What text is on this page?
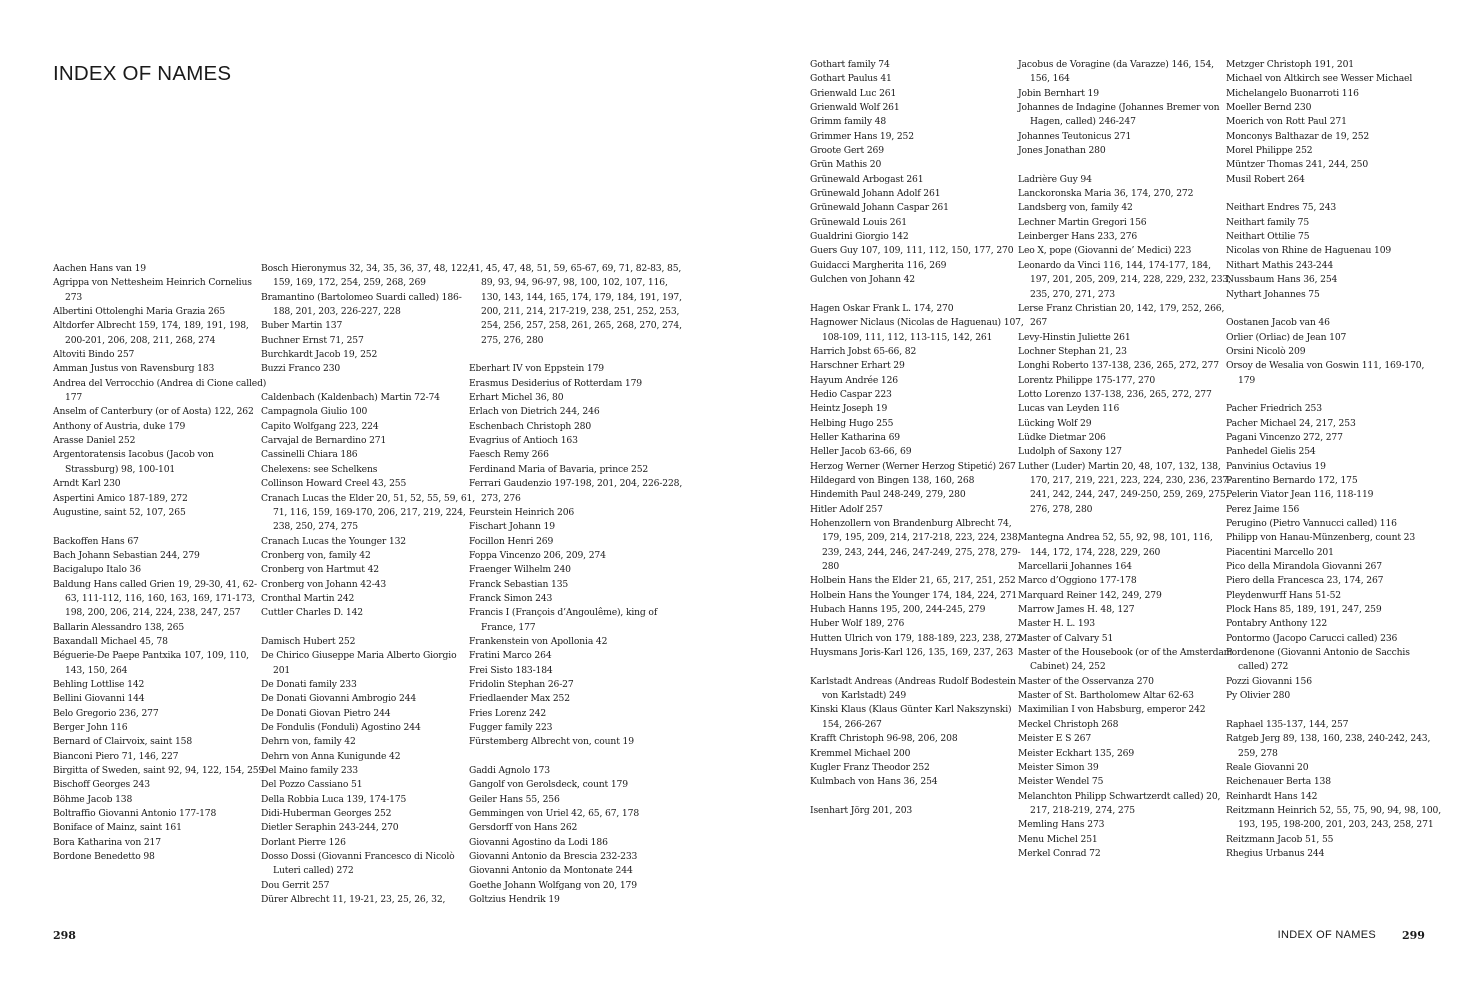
INDEX OF NAMES
Aachen Hans van 19
Agrippa von Nettesheim Heinrich Cornelius 273
Albertini Ottolenghi Maria Grazia 265
Altdorfer Albrecht 159, 174, 189, 191, 198, 200-201, 206, 208, 211, 268, 274
Altoviti Bindo 257
Amman Justus von Ravensburg 183
Andrea del Verrocchio (Andrea di Cione called) 177
Anselm of Canterbury (or of Aosta) 122, 262
Anthony of Austria, duke 179
Arasse Daniel 252
Argentoratensis Iacobus (Jacob von Strassburg) 98, 100-101
Arndt Karl 230
Aspertini Amico 187-189, 272
Augustine, saint 52, 107, 265
Backoffen Hans 67
Bach Johann Sebastian 244, 279
Bacigalupo Italo 36
Baldung Hans called Grien 19, 29-30, 41, 62-63, 111-112, 116, 160, 163, 169, 171-173, 198, 200, 206, 214, 224, 238, 247, 257
Ballarin Alessandro 138, 265
Baxandall Michael 45, 78
Béguerie-De Paepe Pantxika 107, 109, 110, 143, 150, 264
Behling Lottlise 142
Bellini Giovanni 144
Belo Gregorio 236, 277
Berger John 116
Bernard of Clairvoix, saint 158
Bianconi Piero 71, 146, 227
Birgitta of Sweden, saint 92, 94, 122, 154, 259
Bischoff Georges 243
Böhme Jacob 138
Boltraffio Giovanni Antonio 177-178
Boniface of Mainz, saint 161
Bora Katharina von 217
Bordone Benedetto 98
Bosch Hieronymus 32, 34, 35, 36, 37, 48, 122, 159, 169, 172, 254, 259, 268, 269
Bramantino (Bartolomeo Suardi called) 186-188, 201, 203, 226-227, 228
Buber Martin 137
Buchner Ernst 71, 257
Burchkardt Jacob 19, 252
Buzzi Franco 230
Caldenbach (Kaldenbach) Martin 72-74
Campagnola Giulio 100
Capito Wolfgang 223, 224
Carvajal de Bernardino 271
Cassinelli Chiara 186
Chelexens: see Schelkens
Collinson Howard Creel 43, 255
Cranach Lucas the Elder 20, 51, 52, 55, 59, 61, 71, 116, 159, 169-170, 206, 217, 219, 224, 238, 250, 274, 275
Cranach Lucas the Younger 132
Cronberg von, family 42
Cronberg von Hartmut 42
Cronberg von Johann 42-43
Cronthal Martin 242
Cuttler Charles D. 142
Damisch Hubert 252
De Chirico Giuseppe Maria Alberto Giorgio 201
De Donati family 233
De Donati Giovanni Ambrogio 244
De Donati Giovan Pietro 244
De Fondulis (Fonduli) Agostino 244
Dehrn von, family 42
Dehrn von Anna Kunigunde 42
Del Maino family 233
Del Pozzo Cassiano 51
Della Robbia Luca 139, 174-175
Didi-Huberman Georges 252
Dietler Seraphin 243-244, 270
Dorlant Pierre 126
Dosso Dossi (Giovanni Francesco di Nicolò Luteri called) 272
Dou Gerrit 257
Dürer Albrecht 11, 19-21, 23, 25, 26, 32,
41, 45, 47, 48, 51, 59, 65-67, 69, 71, 82-83, 85, 89, 93, 94, 96-97, 98, 100, 102, 107, 116, 130, 143, 144, 165, 174, 179, 184, 191, 197, 200, 211, 214, 217-219, 238, 251, 252, 253, 254, 256, 257, 258, 261, 265, 268, 270, 274, 275, 276, 280
Eberhart IV von Eppstein 179
Erasmus Desiderius of Rotterdam 179
Erhart Michel 36, 80
Erlach von Dietrich 244, 246
Eschenbach Christoph 280
Evagrius of Antioch 163
Faesch Remy 266
Ferdinand Maria of Bavaria, prince 252
Ferrari Gaudenzio 197-198, 201, 204, 226-228, 273, 276
Feurstein Heinrich 206
Fischart Johann 19
Focillon Henri 269
Foppa Vincenzo 206, 209, 274
Fraenger Wilhelm 240
Franck Sebastian 135
Franck Simon 243
Francis I (François d’Angoulême), king of France, 177
Frankenstein von Apollonia 42
Fratini Marco 264
Frei Sisto 183-184
Fridolin Stephan 26-27
Friedlaender Max 252
Fries Lorenz 242
Fugger family 223
Fürstemberg Albrecht von, count 19
Gaddi Agnolo 173
Gangolf von Gerolsdeck, count 179
Geiler Hans 55, 256
Gemmingen von Uriel 42, 65, 67, 178
Gersdorff von Hans 262
Giovanni Agostino da Lodi 186
Giovanni Antonio da Brescia 232-233
Giovanni Antonio da Montonate 244
Goethe Johann Wolfgang von 20, 179
Goltzius Hendrik 19
Gothart family 74
Gothart Paulus 41
Grienwald Luc 261
Grienwald Wolf 261
Grimm family 48
Grimmer Hans 19, 252
Groote Gert 269
Grün Mathis 20
Grünewald Arbogast 261
Grünewald Johann Adolf 261
Grünewald Johann Caspar 261
Grünewald Louis 261
Gualdrini Giorgio 142
Guers Guy 107, 109, 111, 112, 150, 177, 270
Guidacci Margherita 116, 269
Gulchen von Johann 42
Hagen Oskar Frank L. 174, 270
Hagnower Niclaus (Nicolas de Haguenau) 107, 108-109, 111, 112, 113-115, 142, 261
Harrich Jobst 65-66, 82
Harschner Erhart 29
Hayum Andrée 126
Hedio Caspar 223
Heintz Joseph 19
Helbing Hugo 255
Heller Katharina 69
Heller Jacob 63-66, 69
Herzog Werner (Werner Herzog Stipetić) 267
Hildegard von Bingen 138, 160, 268
Hindemith Paul 248-249, 279, 280
Hitler Adolf 257
Hohenzollern von Brandenburg Albrecht 74, 179, 195, 209, 214, 217-218, 223, 224, 238, 239, 243, 244, 246, 247-249, 275, 278, 279-280
Holbein Hans the Elder 21, 65, 217, 251, 252
Holbein Hans the Younger 174, 184, 224, 271
Hubach Hanns 195, 200, 244-245, 279
Huber Wolf 189, 276
Hutten Ulrich von 179, 188-189, 223, 238, 272
Huysmans Joris-Karl 126, 135, 169, 237, 263
Karlstadt Andreas (Andreas Rudolf Bodestein von Karlstadt) 249
Kinski Klaus (Klaus Günter Karl Nakszynski) 154, 266-267
Krafft Christoph 96-98, 206, 208
Kremmel Michael 200
Kugler Franz Theodor 252
Kulmbach von Hans 36, 254
Isenhart Jörg 201, 203
Jacobus de Voragine (da Varazze) 146, 154, 156, 164
Jobin Bernhart 19
Johannes de Indagine (Johannes Bremer von Hagen, called) 246-247
Johannes Teutonicus 271
Jones Jonathan 280
Ladrière Guy 94
Lanckoronska Maria 36, 174, 270, 272
Landsberg von, family 42
Lechner Martin Gregori 156
Leinberger Hans 233, 276
Leo X, pope (Giovanni de’ Medici) 223
Leonardo da Vinci 116, 144, 174-177, 184, 197, 201, 205, 209, 214, 228, 229, 232, 233, 235, 270, 271, 273
Lerse Franz Christian 20, 142, 179, 252, 266, 267
Levy-Hinstin Juliette 261
Lochner Stephan 21, 23
Longhi Roberto 137-138, 236, 265, 272, 277
Lorentz Philippe 175-177, 270
Lotto Lorenzo 137-138, 236, 265, 272, 277
Lucas van Leyden 116
Lücking Wolf 29
Lüdke Dietmar 206
Ludolph of Saxony 127
Luther (Luder) Martin 20, 48, 107, 132, 138, 170, 217, 219, 221, 223, 224, 230, 236, 237-241, 242, 244, 247, 249-250, 259, 269, 275, 276, 278, 280
Mantegna Andrea 52, 55, 92, 98, 101, 116, 144, 172, 174, 228, 229, 260
Marcellarii Johannes 164
Marco d’Oggiono 177-178
Marquard Reiner 142, 249, 279
Marrow James H. 48, 127
Master H. L. 193
Master of Calvary 51
Master of the Housebook (or of the Amsterdam Cabinet) 24, 252
Master of the Osservanza 270
Master of St. Bartholomew Altar 62-63
Maximilian I von Habsburg, emperor 242
Meckel Christoph 268
Meister E S 267
Meister Eckhart 135, 269
Meister Simon 39
Meister Wendel 75
Melanchton Philipp Schwartzerdt called) 20, 217, 218-219, 274, 275
Memling Hans 273
Menu Michel 251
Merkel Conrad 72
Metzger Christoph 191, 201
Michael von Altkirch see Wesser Michael
Michelangelo Buonarroti 116
Moeller Bernd 230
Moerich von Rott Paul 271
Monconys Balthazar de 19, 252
Morel Philippe 252
Müntzer Thomas 241, 244, 250
Musil Robert 264
Neithart Endres 75, 243
Neithart family 75
Neithart Ottilie 75
Nicolas von Rhine de Haguenau 109
Nithart Mathis 243-244
Nussbaum Hans 36, 254
Nythart Johannes 75
Oostanen Jacob van 46
Orlier (Orliac) de Jean 107
Orsini Nicolò 209
Orsoy de Wesalia von Goswin 111, 169-170, 179
Pacher Friedrich 253
Pacher Michael 24, 217, 253
Pagani Vincenzo 272, 277
Panhedel Gielis 254
Panvinius Octavius 19
Parentino Bernardo 172, 175
Pelerin Viator Jean 116, 118-119
Perez Jaime 156
Perugino (Pietro Vannucci called) 116
Philipp von Hanau-Münzenberg, count 23
Piacentini Marcello 201
Pico della Mirandola Giovanni 267
Piero della Francesca 23, 174, 267
Pleydenwurff Hans 51-52
Plock Hans 85, 189, 191, 247, 259
Pontabry Anthony 122
Pontormo (Jacopo Carucci called) 236
Pordenone (Giovanni Antonio de Sacchis called) 272
Pozzi Giovanni 156
Py Olivier 280
Raphael 135-137, 144, 257
Ratgeb Jerg 89, 138, 160, 238, 240-242, 243, 259, 278
Reale Giovanni 20
Reichenauer Berta 138
Reinhardt Hans 142
Reitzmann Heinrich 52, 55, 75, 90, 94, 98, 100, 193, 195, 198-200, 201, 203, 243, 258, 271
Reitzmann Jacob 51, 55
Rhegius Urbanus 244
298	INDEX OF NAMES 299
